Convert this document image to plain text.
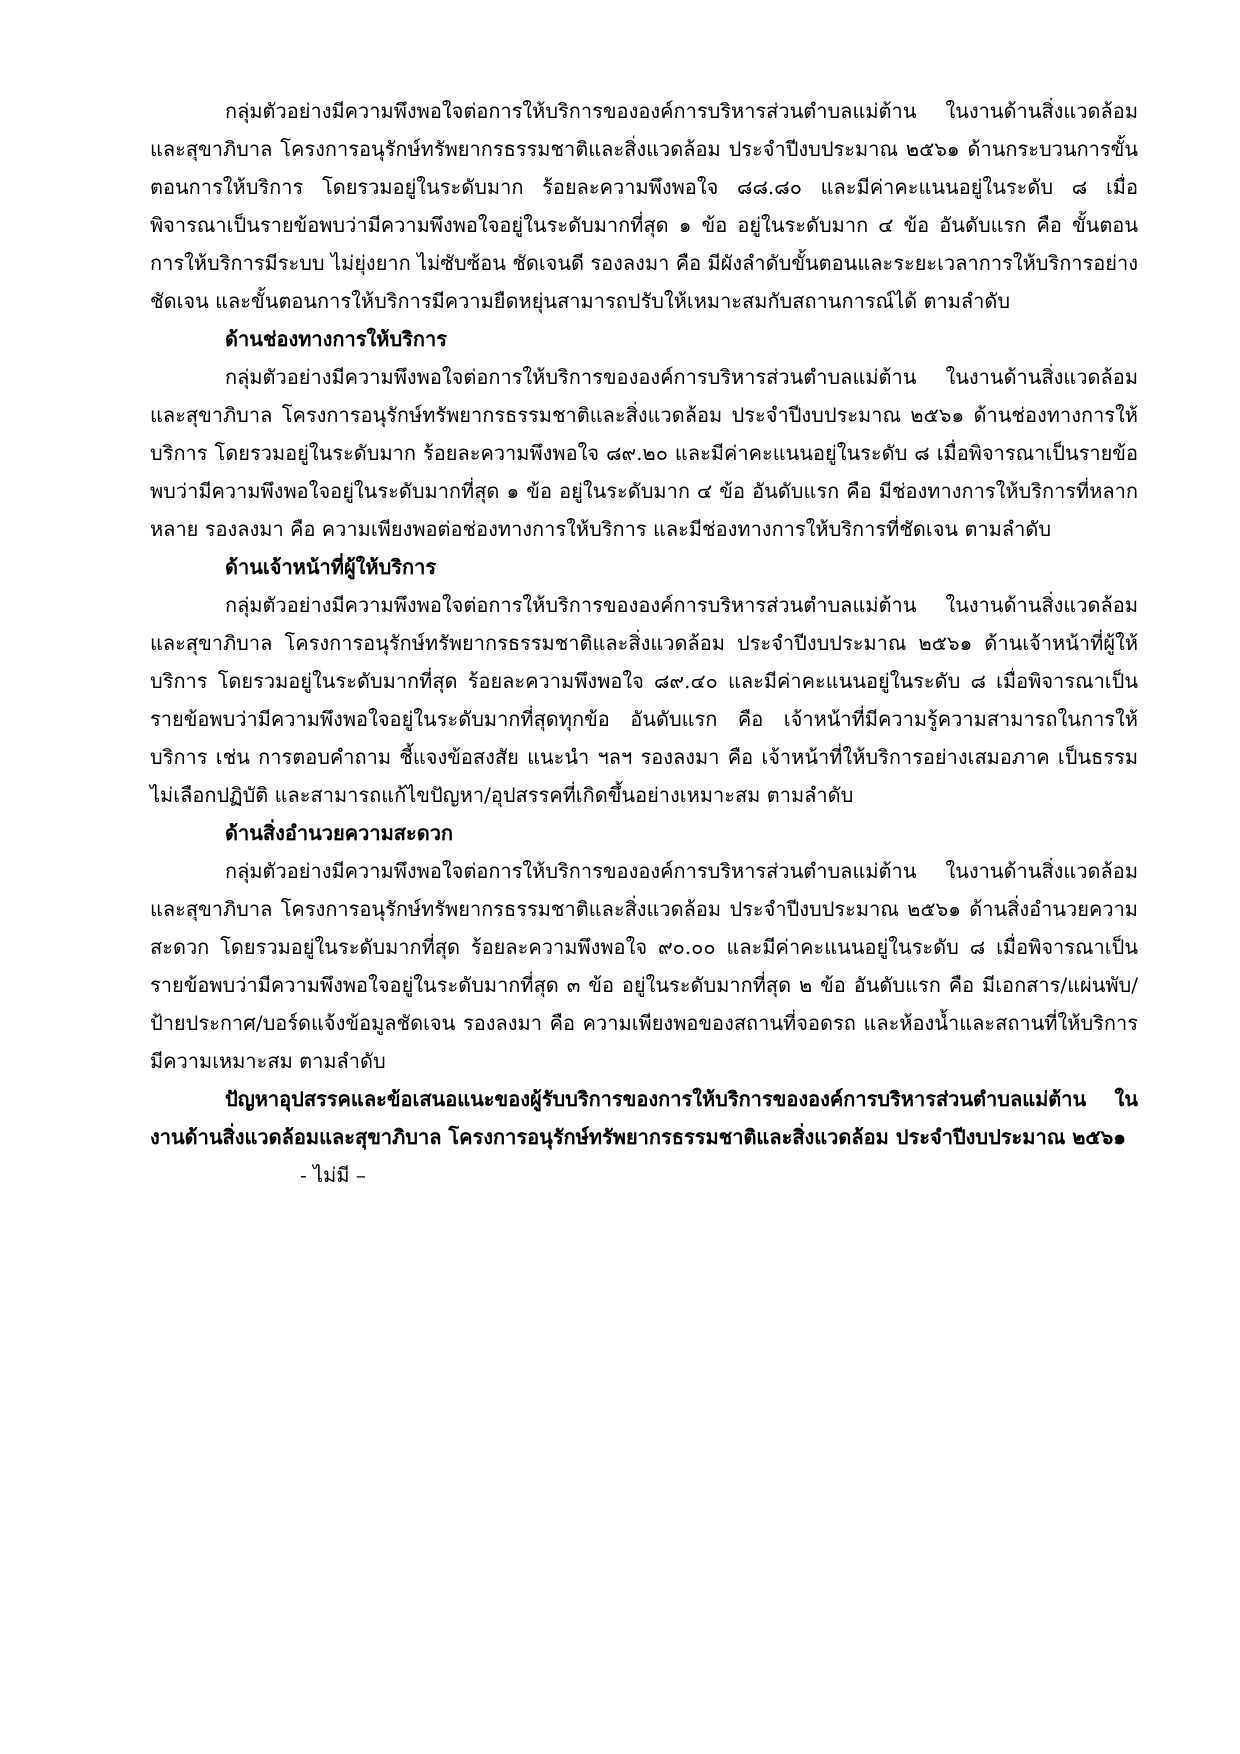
กลุ่มตัวอย่างมีความพึงพอใจต่อการให้บริการขององค์การบริหารส่วนตำบลแม่ต้าน ในงานด้านสิ่งแวดล้อมและสุขาภิบาล โครงการอนุรักษ์ทรัพยากรธรรมชาติและสิ่งแวดล้อม ประจำปีงบประมาณ ๒๕๖๑ ด้านกระบวนการขั้นตอนการให้บริการ โดยรวมอยู่ในระดับมาก ร้อยละความพึงพอใจ ๘๘.๘๐ และมีค่าคะแนนอยู่ในระดับ ๘ เมื่อพิจารณาเป็นรายข้อพบว่ามีความพึงพอใจอยู่ในระดับมากที่สุด ๑ ข้อ อยู่ในระดับมาก ๔ ข้อ อันดับแรก คือ ขั้นตอนการให้บริการมีระบบ ไม่ยุ่งยาก ไม่ซับซ้อน ชัดเจนดี รองลงมา คือ มีผังลำดับขั้นตอนและระยะเวลาการให้บริการอย่างชัดเจน และขั้นตอนการให้บริการมีความยืดหยุ่นสามารถปรับให้เหมาะสมกับสถานการณ์ได้ ตามลำดับ

ด้านช่องทางการให้บริการ

กลุ่มตัวอย่างมีความพึงพอใจต่อการให้บริการขององค์การบริหารส่วนตำบลแม่ต้าน ในงานด้านสิ่งแวดล้อมและสุขาภิบาล โครงการอนุรักษ์ทรัพยากรธรรมชาติและสิ่งแวดล้อม ประจำปีงบประมาณ ๒๕๖๑ ด้านช่องทางการให้บริการ โดยรวมอยู่ในระดับมาก ร้อยละความพึงพอใจ ๘๙.๒๐ และมีค่าคะแนนอยู่ในระดับ ๘ เมื่อพิจารณาเป็นรายข้อพบว่ามีความพึงพอใจอยู่ในระดับมากที่สุด ๑ ข้อ อยู่ในระดับมาก ๔ ข้อ อันดับแรก คือ มีช่องทางการให้บริการที่หลากหลาย รองลงมา คือ ความเพียงพอต่อช่องทางการให้บริการ และมีช่องทางการให้บริการที่ชัดเจน ตามลำดับ

ด้านเจ้าหน้าที่ผู้ให้บริการ

กลุ่มตัวอย่างมีความพึงพอใจต่อการให้บริการขององค์การบริหารส่วนตำบลแม่ต้าน ในงานด้านสิ่งแวดล้อมและสุขาภิบาล โครงการอนุรักษ์ทรัพยากรธรรมชาติและสิ่งแวดล้อม ประจำปีงบประมาณ ๒๕๖๑ ด้านเจ้าหน้าที่ผู้ให้บริการ โดยรวมอยู่ในระดับมากที่สุด ร้อยละความพึงพอใจ ๘๙.๔๐ และมีค่าคะแนนอยู่ในระดับ ๘ เมื่อพิจารณาเป็นรายข้อพบว่ามีความพึงพอใจอยู่ในระดับมากที่สุดทุกข้อ อันดับแรก คือ เจ้าหน้าที่มีความรู้ความสามารถในการให้บริการ เช่น การตอบคำถาม ชี้แจงข้อสงสัย แนะนำ ฯลฯ รองลงมา คือ เจ้าหน้าที่ให้บริการอย่างเสมอภาค เป็นธรรม ไม่เลือกปฏิบัติ และสามารถแก้ไขปัญหา/อุปสรรคที่เกิดขึ้นอย่างเหมาะสม ตามลำดับ

ด้านสิ่งอำนวยความสะดวก

กลุ่มตัวอย่างมีความพึงพอใจต่อการให้บริการขององค์การบริหารส่วนตำบลแม่ต้าน ในงานด้านสิ่งแวดล้อมและสุขาภิบาล โครงการอนุรักษ์ทรัพยากรธรรมชาติและสิ่งแวดล้อม ประจำปีงบประมาณ ๒๕๖๑ ด้านสิ่งอำนวยความสะดวก โดยรวมอยู่ในระดับมากที่สุด ร้อยละความพึงพอใจ ๙๐.๐๐ และมีค่าคะแนนอยู่ในระดับ ๘ เมื่อพิจารณาเป็นรายข้อพบว่ามีความพึงพอใจอยู่ในระดับมากที่สุด ๓ ข้อ อยู่ในระดับมากที่สุด ๒ ข้อ อันดับแรก คือ มีเอกสาร/แผ่นพับ/ป้ายประกาศ/บอร์ดแจ้งข้อมูลชัดเจน รองลงมา คือ ความเพียงพอของสถานที่จอดรถ และห้องน้ำและสถานที่ให้บริการมีความเหมาะสม ตามลำดับ

ปัญหาอุปสรรคและข้อเสนอแนะของผู้รับบริการของการให้บริการขององค์การบริหารส่วนตำบลแม่ต้าน ในงานด้านสิ่งแวดล้อมและสุขาภิบาล โครงการอนุรักษ์ทรัพยากรธรรมชาติและสิ่งแวดล้อม ประจำปีงบประมาณ ๒๕๖๑

- ไม่มี –
